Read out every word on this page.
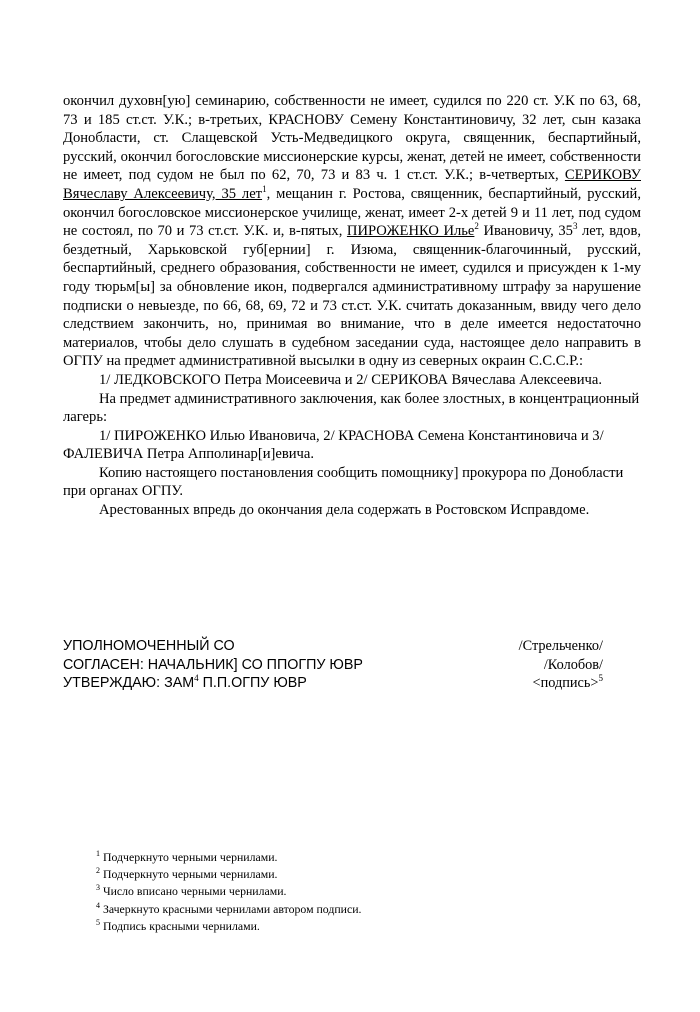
окончил духовн[ую] семинарию, собственности не имеет, судился по 220 ст. У.К по 63, 68, 73 и 185 ст.ст. У.К.; в-третьих, КРАСНОВУ Семену Константиновичу, 32 лет, сын казака Донобласти, ст. Слащевской Усть-Медведицкого округа, священник, беспартийный, русский, окончил богословские миссионерские курсы, женат, детей не имеет, собственности не имеет, под судом не был по 62, 70, 73 и 83 ч. 1 ст.ст. У.К.; в-четвертых, СЕРИКОВУ Вячеславу Алексеевичу, 35 лет$^1$, мещанин г. Ростова, священник, беспартийный, русский, окончил богословское миссионерское училище, женат, имеет 2-х детей 9 и 11 лет, под судом не состоял, по 70 и 73 ст.ст. У.К. и, в-пятых, ПИРОЖЕНКО Илье$^2$ Ивановичу, $35^3$ лет, вдов, бездетный, Харьковской губ[ернии] г. Изюма, священник-благочинный, русский, беспартийный, среднего образования, собственности не имеет, судился и присужден к 1-му году тюрьм[ы] за обновление икон, подвергался административному штрафу за нарушение подписки о невыезде, по 66, 68, 69, 72 и 73 ст.ст. У.К. считать доказанным, ввиду чего дело следствием закончить, но, принимая во внимание, что в деле имеется недостаточно материалов, чтобы дело слушать в судебном заседании суда, настоящее дело направить в ОГПУ на предмет административной высылки в одну из северных окраин С.С.С.Р.:

1/ ЛЕДКОВСКОГО Петра Моисеевича и 2/ СЕРИКОВА Вячеслава Алексеевича.

На предмет административного заключения, как более злостных, в концентрационный лагерь:

1/ ПИРОЖЕНКО Илью Ивановича, 2/ КРАСНОВА Семена Константиновича и 3/ ФАЛЕВИЧА Петра Апполинар[и]евича.

Копию настоящего постановления сообщить помощнику] прокурора по Донобласти при органах ОГПУ.

Арестованных впредь до окончания дела содержать в Ростовском Исправдоме.

УПОЛНОМОЧЕННЫЙ СО	/Стрельченко/
СОГЛАСЕН: НАЧАЛЬНИК] СО ППОГПУ ЮВР	/Колобов/
УТВЕРЖДАЮ: ЗАМ$^4$ П.П.ОГПУ ЮВР	<подпись>$^5$

$^1$ Подчеркнуто черными чернилами.

$^2$ Подчеркнуто черными чернилами.

$^3$ Число вписано черными чернилами.

$^4$ Зачеркнуто красными чернилами автором подписи.

$^5$ Подпись красными чернилами.
